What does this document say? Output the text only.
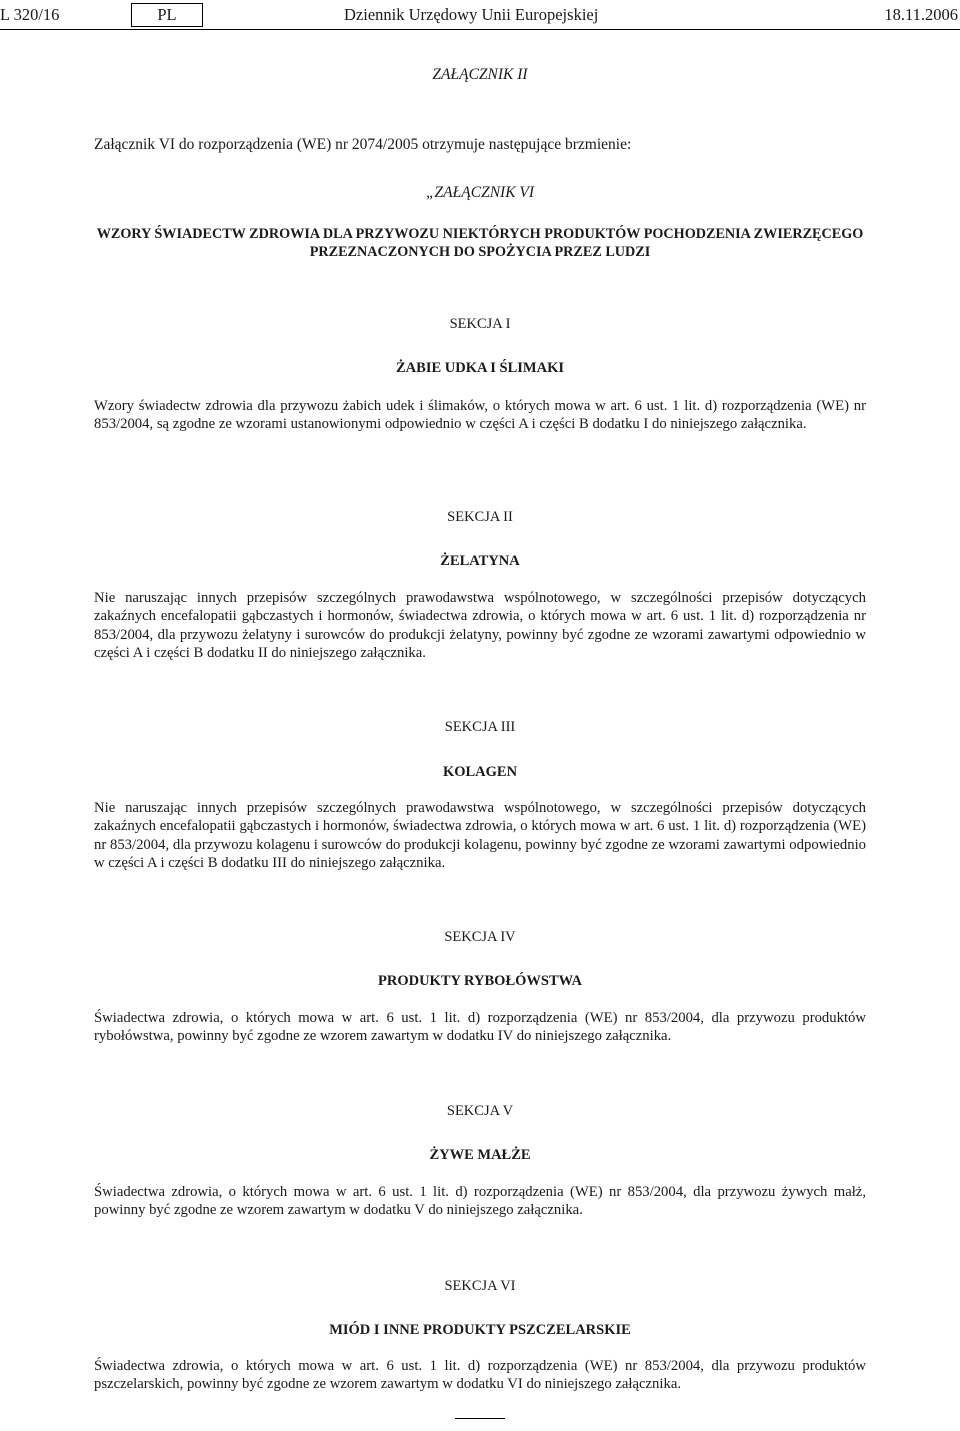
L 320/16	PL	Dziennik Urzędowy Unii Europejskiej	18.11.2006
ZAŁĄCZNIK II
Załącznik VI do rozporządzenia (WE) nr 2074/2005 otrzymuje następujące brzmienie:
„ZAŁĄCZNIK VI
WZORY ŚWIADECTW ZDROWIA DLA PRZYWOZU NIEKTÓRYCH PRODUKTÓW POCHODZENIA ZWIERZĘCEGO PRZEZNACZONYCH DO SPOŻYCIA PRZEZ LUDZI
SEKCJA I
ŻABIE UDKA I ŚLIMAKI
Wzory świadectw zdrowia dla przywozu żabich udek i ślimaków, o których mowa w art. 6 ust. 1 lit. d) rozporządzenia (WE) nr 853/2004, są zgodne ze wzorami ustanowionymi odpowiednio w części A i części B dodatku I do niniejszego załącznika.
SEKCJA II
ŻELATYNA
Nie naruszając innych przepisów szczególnych prawodawstwa wspólnotowego, w szczególności przepisów dotyczących zakaźnych encefalopatii gąbczastych i hormonów, świadectwa zdrowia, o których mowa w art. 6 ust. 1 lit. d) rozporządzenia nr 853/2004, dla przywozu żelatyny i surowców do produkcji żelatyny, powinny być zgodne ze wzorami zawartymi odpowiednio w części A i części B dodatku II do niniejszego załącznika.
SEKCJA III
KOLAGEN
Nie naruszając innych przepisów szczególnych prawodawstwa wspólnotowego, w szczególności przepisów dotyczących zakaźnych encefalopatii gąbczastych i hormonów, świadectwa zdrowia, o których mowa w art. 6 ust. 1 lit. d) rozporządzenia (WE) nr 853/2004, dla przywozu kolagenu i surowców do produkcji kolagenu, powinny być zgodne ze wzorami zawartymi odpowiednio w części A i części B dodatku III do niniejszego załącznika.
SEKCJA IV
PRODUKTY RYBOŁÓWSTWA
Świadectwa zdrowia, o których mowa w art. 6 ust. 1 lit. d) rozporządzenia (WE) nr 853/2004, dla przywozu produktów rybołówstwa, powinny być zgodne ze wzorem zawartym w dodatku IV do niniejszego załącznika.
SEKCJA V
ŻYWE MAŁŻE
Świadectwa zdrowia, o których mowa w art. 6 ust. 1 lit. d) rozporządzenia (WE) nr 853/2004, dla przywozu żywych małż, powinny być zgodne ze wzorem zawartym w dodatku V do niniejszego załącznika.
SEKCJA VI
MIÓD I INNE PRODUKTY PSZCZELARSKIE
Świadectwa zdrowia, o których mowa w art. 6 ust. 1 lit. d) rozporządzenia (WE) nr 853/2004, dla przywozu produktów pszczelarskich, powinny być zgodne ze wzorem zawartym w dodatku VI do niniejszego załącznika.
